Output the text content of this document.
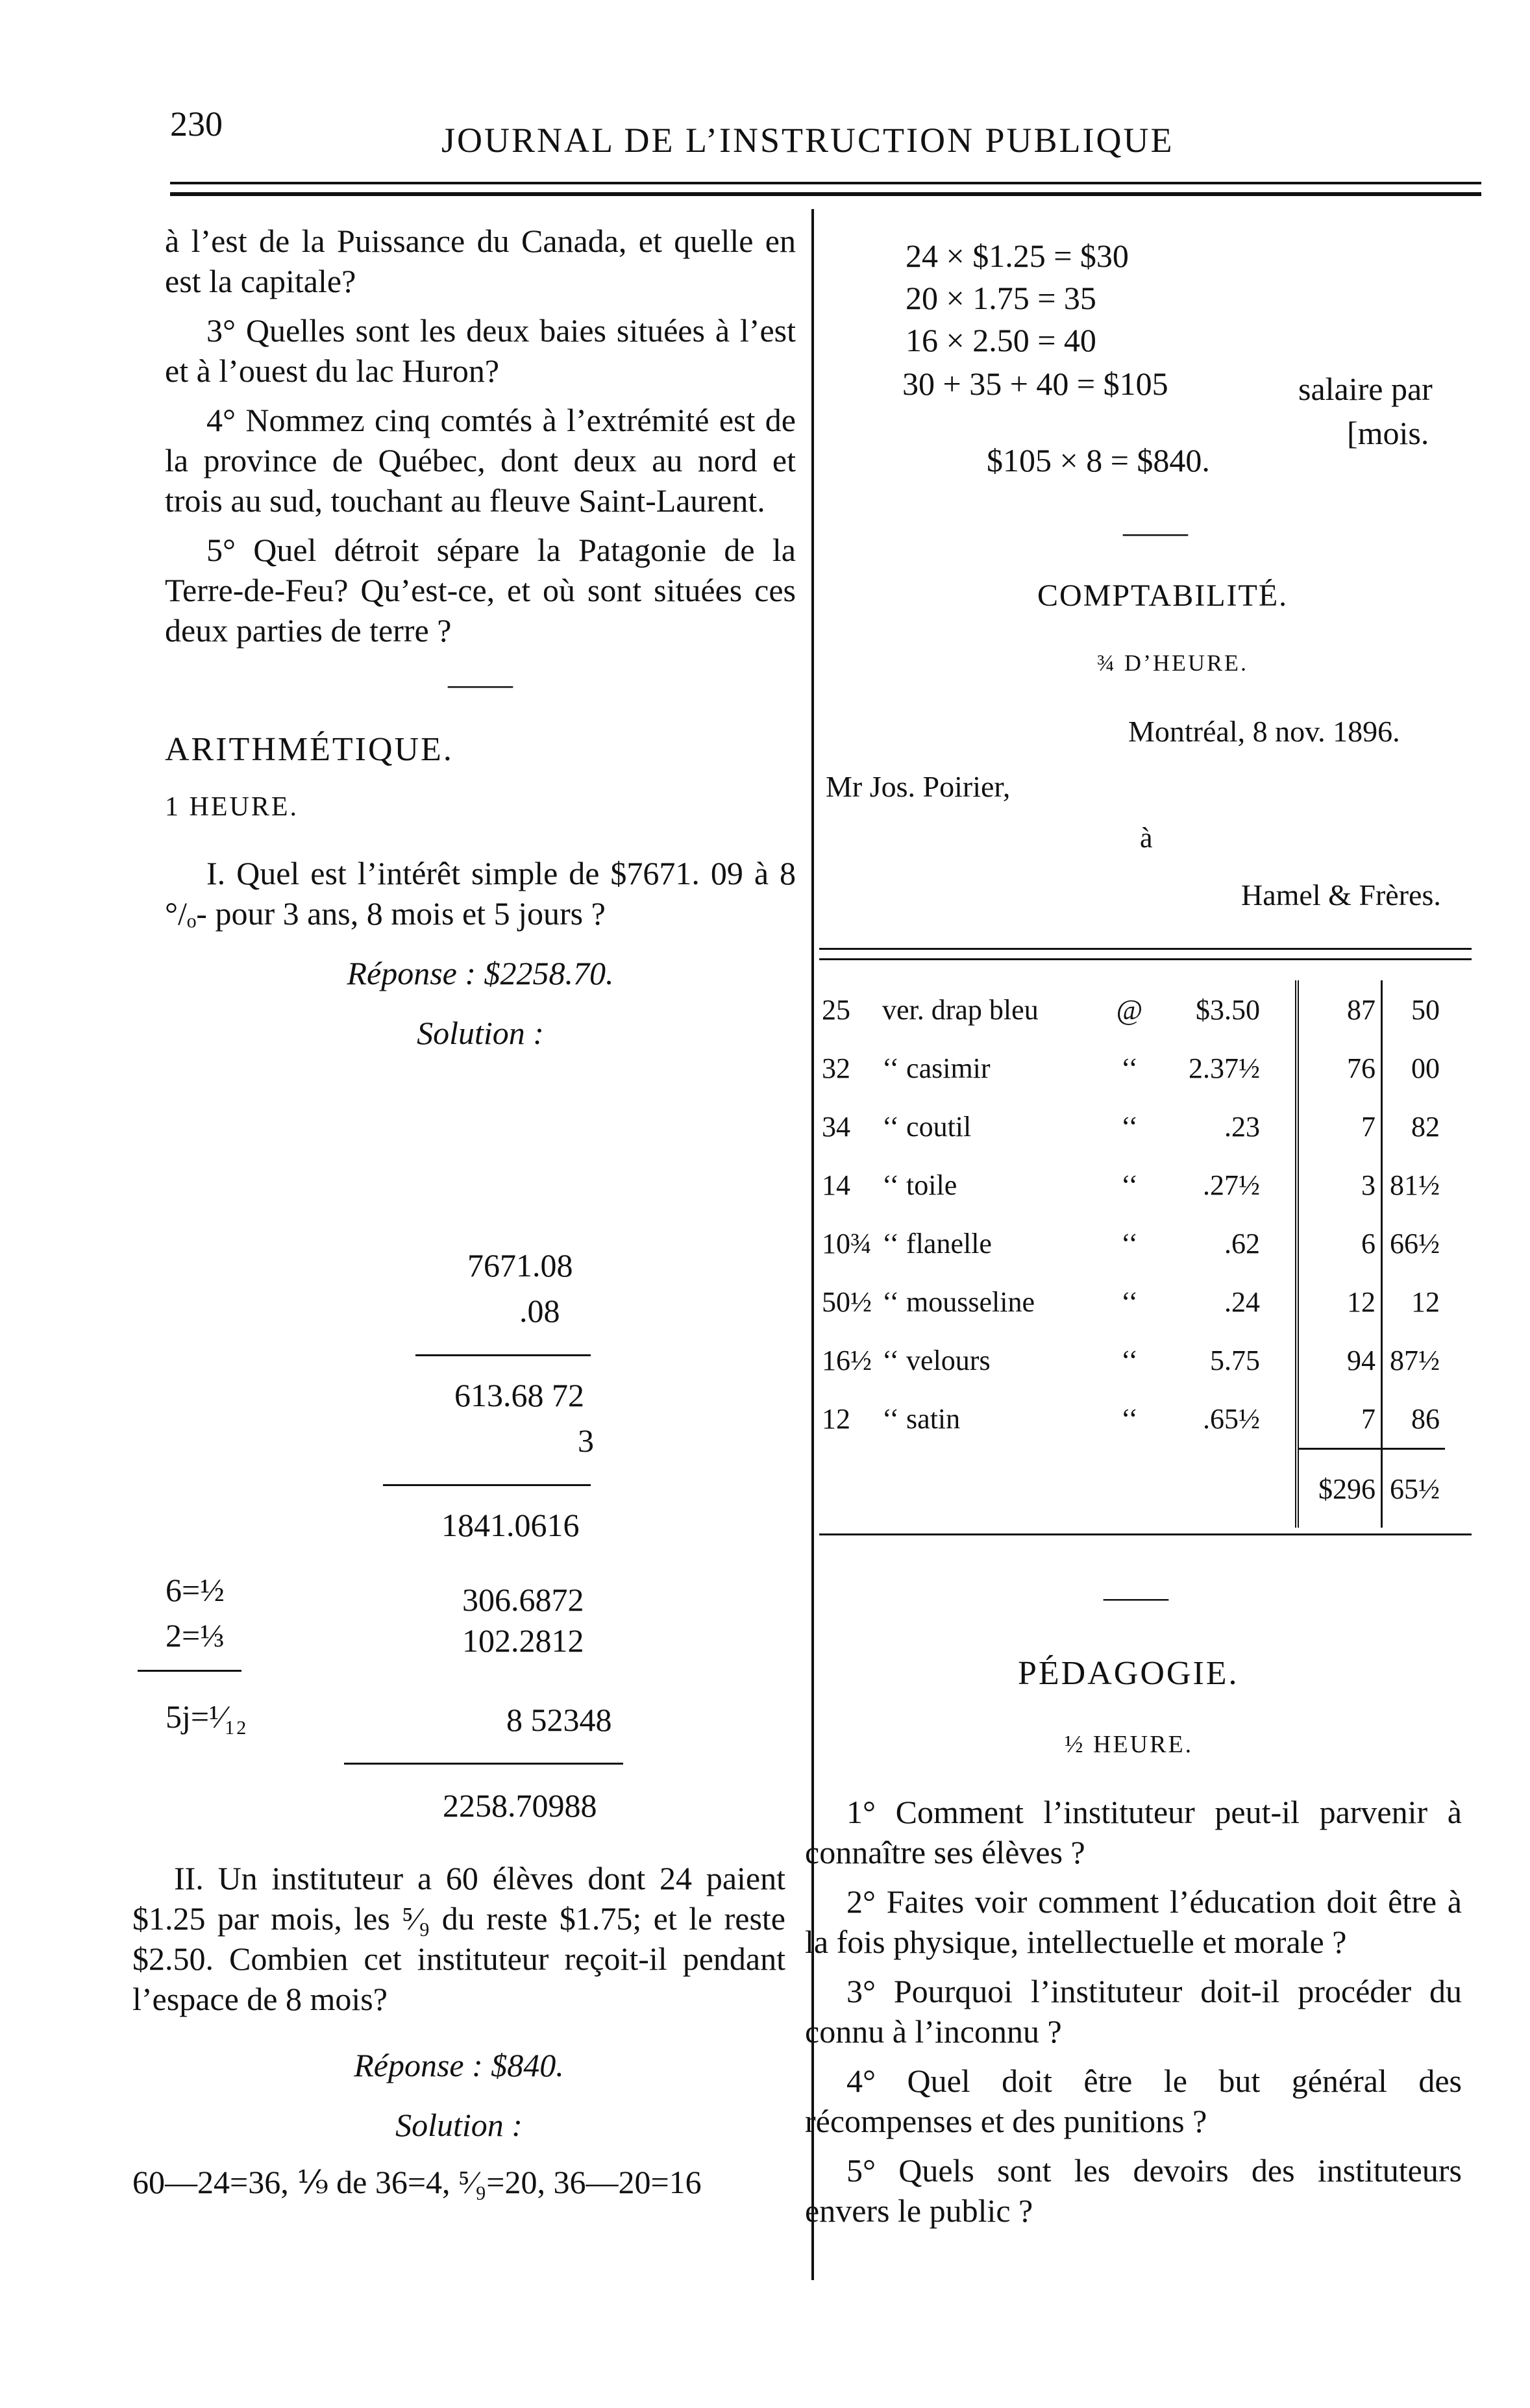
230	JOURNAL DE L’INSTRUCTION PUBLIQUE

à l’est de la Puissance du Canada, et quelle en est la capitale?

3° Quelles sont les deux baies situées à l’est et à l’ouest du lac Huron?

4° Nommez cinq comtés à l’extrémité est de la province de Québec, dont deux au nord et trois au sud, touchant au fleuve Saint-Laurent.

5° Quel détroit sépare la Patagonie de la Terre-de-Feu? Qu’est-ce, et où sont situées ces deux parties de terre ?

——

ARITHMÉTIQUE.

1 HEURE.

I. Quel est l’intérêt simple de $7671. 09 à 8 °/ₒ- pour 3 ans, 8 mois et 5 jours ?

Réponse : $2258.70.

Solution :

7671.08
.08
613.68 72
3
1841.0616
6=½	306.6872
2=⅓	102.2812
5j=¹⁄₁₂	8 52348
2258.70988

II. Un instituteur a 60 élèves dont 24 paient $1.25 par mois, les ⁵⁄₉ du reste $1.75; et le reste $2.50. Combien cet instituteur reçoit-il pendant l’espace de 8 mois?

Réponse : $840.

Solution :

60—24=36, ⅑ de 36=4, ⁵⁄₉=20, 36—20=16

24 × $1.25 = $30
20 × 1.75 = 35
16 × 2.50 = 40
30 + 35 + 40 = $105	salaire par
[mois.
$105 × 8 = $840.
——
COMPTABILITÉ.
¾ D’HEURE.
Montréal, 8 nov. 1896.
Mr Jos. Poirier,
à
Hamel & Frères.
25	ver. drap bleu	@	$3.50		87	50
32	‘‘ casimir	‘‘	2.37½		76	00
34	‘‘ coutil	‘‘	.23		7	82
14	‘‘ toile	‘‘	.27½		3	81½
10¾	‘‘ flanelle	‘‘	.62		6	66½
50½	‘‘ mousseline	‘‘	.24		12	12
16½	‘‘ velours	‘‘	5.75		94	87½
12	‘‘ satin	‘‘	.65½		7	86
					$296	65½
——
PÉDAGOGIE.
½ HEURE.

1° Comment l’instituteur peut-il parvenir à connaître ses élèves ?

2° Faites voir comment l’éducation doit être à la fois physique, intellectuelle et morale ?

3° Pourquoi l’instituteur doit-il procéder du connu à l’inconnu ?

4° Quel doit être le but général des récompenses et des punitions ?

5° Quels sont les devoirs des instituteurs envers le public ?
